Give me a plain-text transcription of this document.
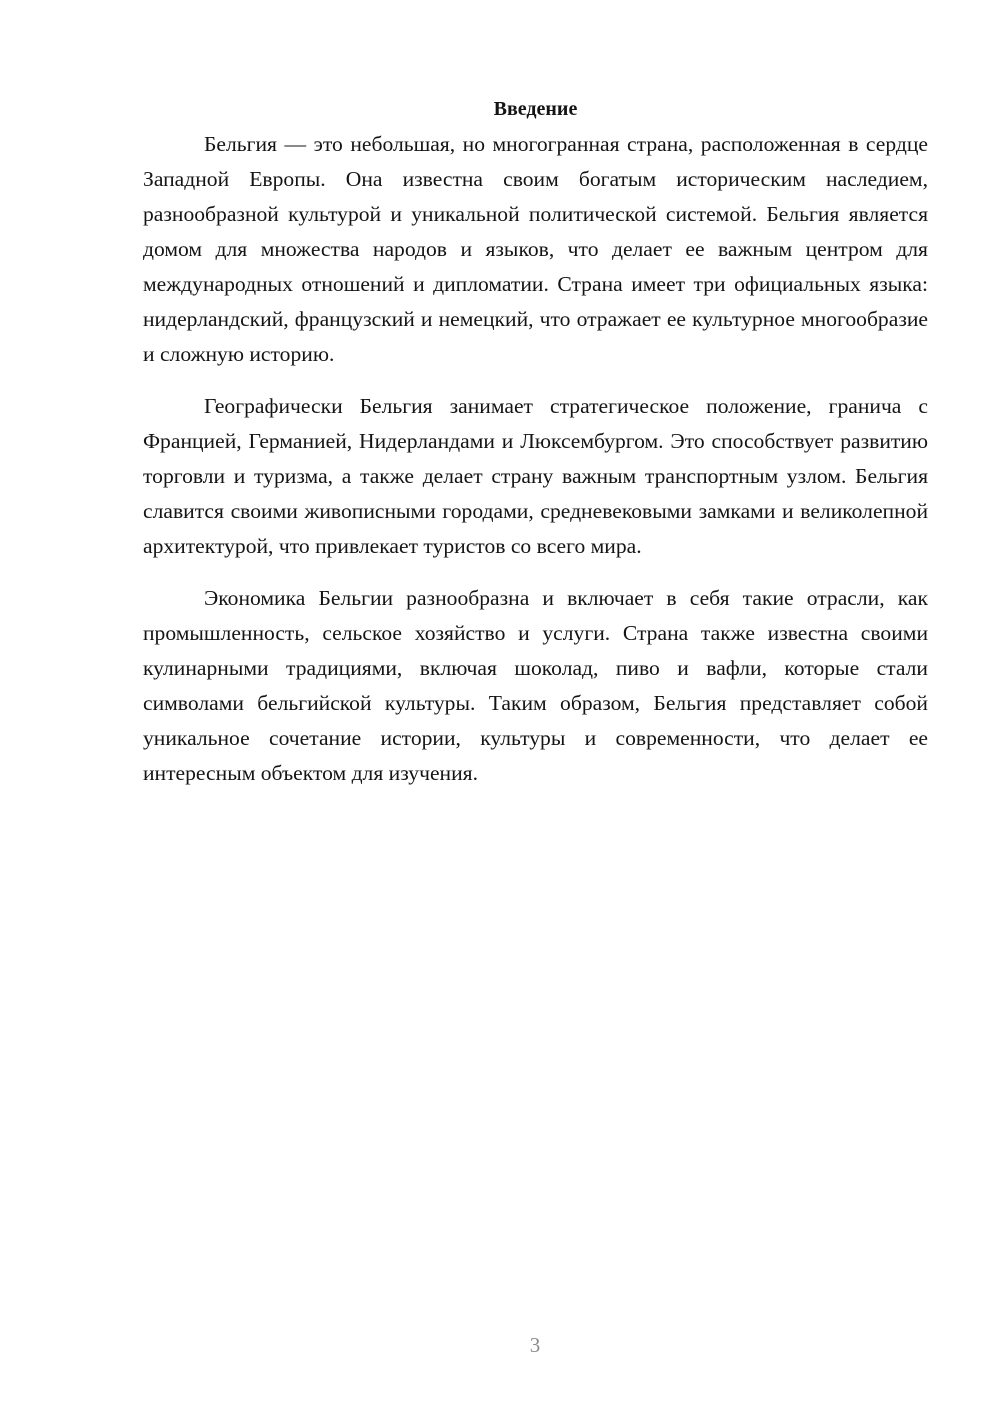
Введение

Бельгия — это небольшая, но многогранная страна, расположенная в сердце Западной Европы. Она известна своим богатым историческим наследием, разнообразной культурой и уникальной политической системой. Бельгия является домом для множества народов и языков, что делает ее важным центром для международных отношений и дипломатии. Страна имеет три официальных языка: нидерландский, французский и немецкий, что отражает ее культурное многообразие и сложную историю.

Географически Бельгия занимает стратегическое положение, граничa с Францией, Германией, Нидерландами и Люксембургом. Это способствует развитию торговли и туризма, а также делает страну важным транспортным узлом. Бельгия славится своими живописными городами, средневековыми замками и великолепной архитектурой, что привлекает туристов со всего мира.

Экономика Бельгии разнообразна и включает в себя такие отрасли, как промышленность, сельское хозяйство и услуги. Страна также известна своими кулинарными традициями, включая шоколад, пиво и вафли, которые стали символами бельгийской культуры. Таким образом, Бельгия представляет собой уникальное сочетание истории, культуры и современности, что делает ее интересным объектом для изучения.

3
